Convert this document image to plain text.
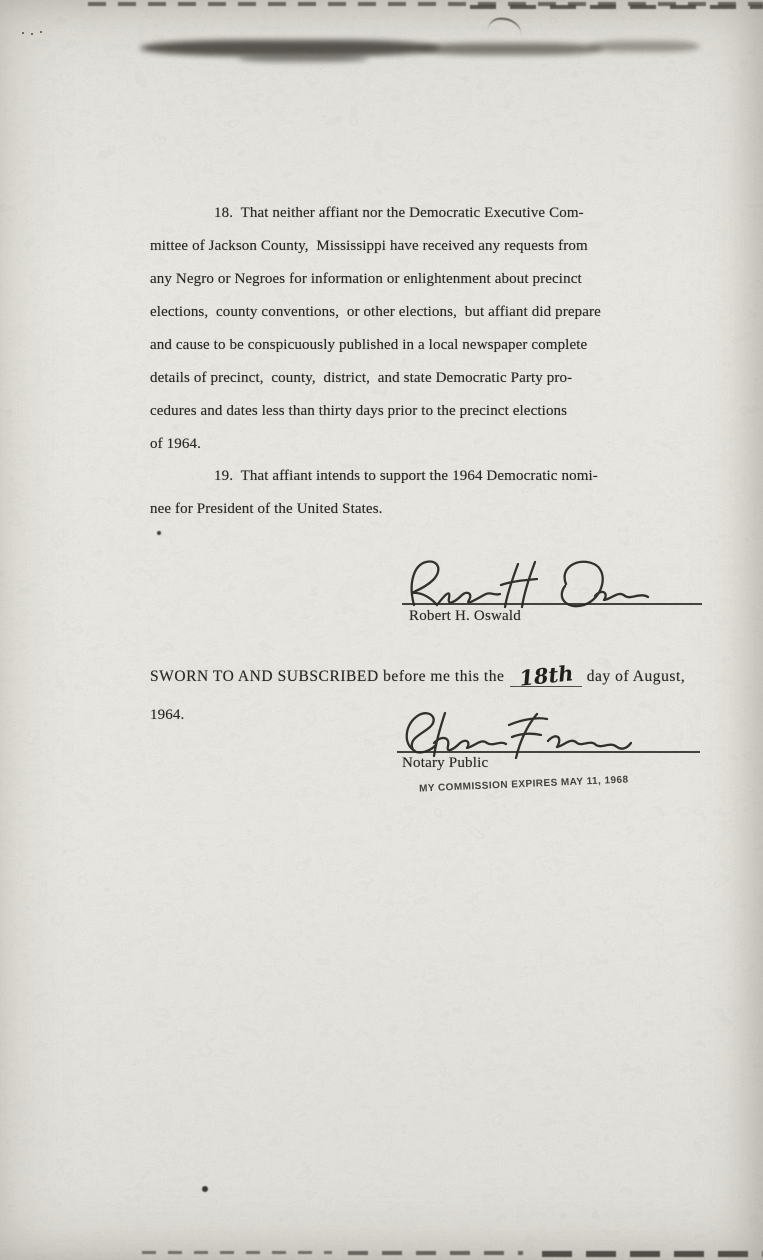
18.  That neither affiant nor the Democratic Executive Com-
mittee of Jackson County,  Mississippi have received any requests from
any Negro or Negroes for information or enlightenment about precinct
elections,  county conventions,  or other elections,  but affiant did prepare
and cause to be conspicuously published in a local newspaper complete
details of precinct,  county,  district,  and state Democratic Party pro-
cedures and dates less than thirty days prior to the precinct elections
of 1964.
19.  That affiant intends to support the 1964 Democratic nomi-
nee for President of the United States.
Robert H. Oswald
SWORN TO AND SUBSCRIBED before me this the 18th day of August,
1964.
Notary Public
MY COMMISSION EXPIRES MAY 11, 1968
